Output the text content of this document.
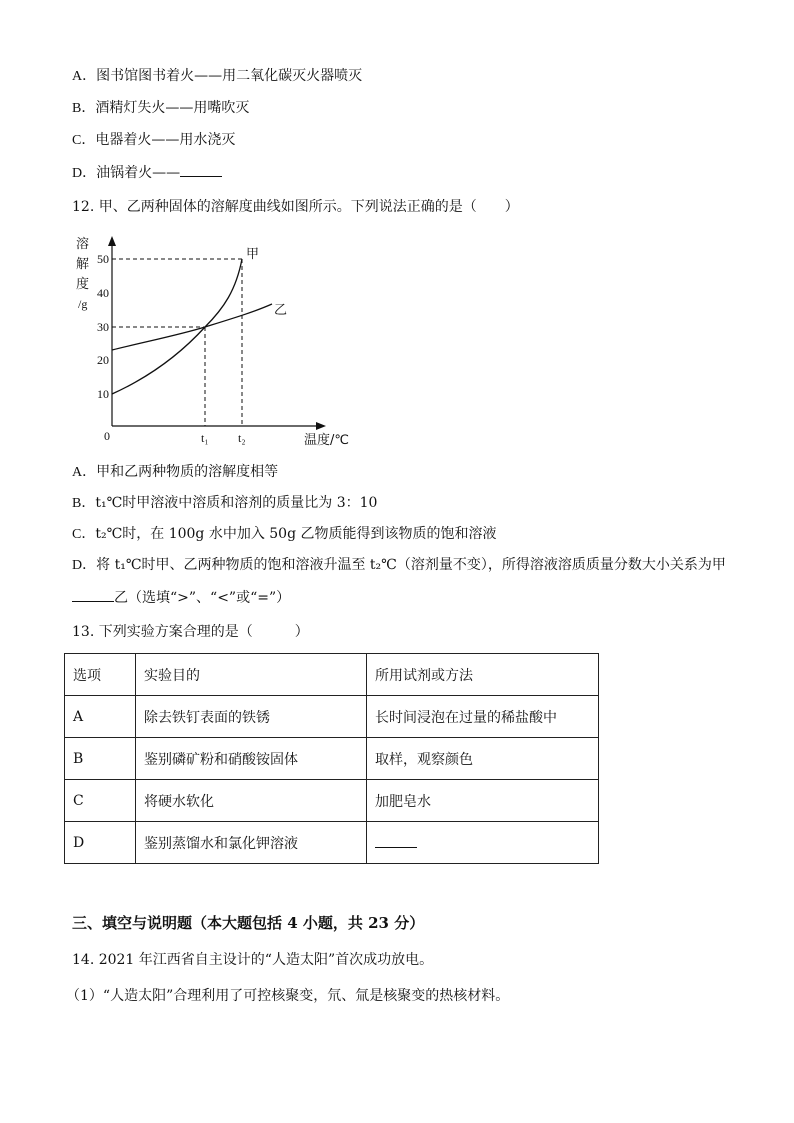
A．图书馆图书着火——用二氧化碳灭火器喷灭
B．酒精灯失火——用嘴吹灭
C．电器着火——用水浇灭
D．油锅着火——
12. 甲、乙两种固体的溶解度曲线如图所示。下列说法正确的是（　　）
溶
解
度
/g
10
20
30
40
50
0	t₁ t₂	温度/℃
甲
乙
A．甲和乙两种物质的溶解度相等
B．t₁℃时甲溶液中溶质和溶剂的质量比为 3：10
C．t₂℃时，在 100g 水中加入 50g 乙物质能得到该物质的饱和溶液
D．将 t₁℃时甲、乙两种物质的饱和溶液升温至 t₂℃（溶剂量不变），所得溶液溶质质量分数大小关系为甲
乙（选填“>”、“<”或“=”）
13. 下列实验方案合理的是（　　　）
选项	实验目的	所用试剂或方法
A	除去铁钉表面的铁锈	长时间浸泡在过量的稀盐酸中
B	鉴别磷矿粉和硝酸铵固体	取样，观察颜色
C	将硬水软化	加肥皂水
D	鉴别蒸馏水和氯化钾溶液	
三、填空与说明题（本大题包括 4 小题，共 23 分）
14. 2021 年江西省自主设计的“人造太阳”首次成功放电。
（1）“人造太阳”合理利用了可控核聚变，氘、氚是核聚变的热核材料。
